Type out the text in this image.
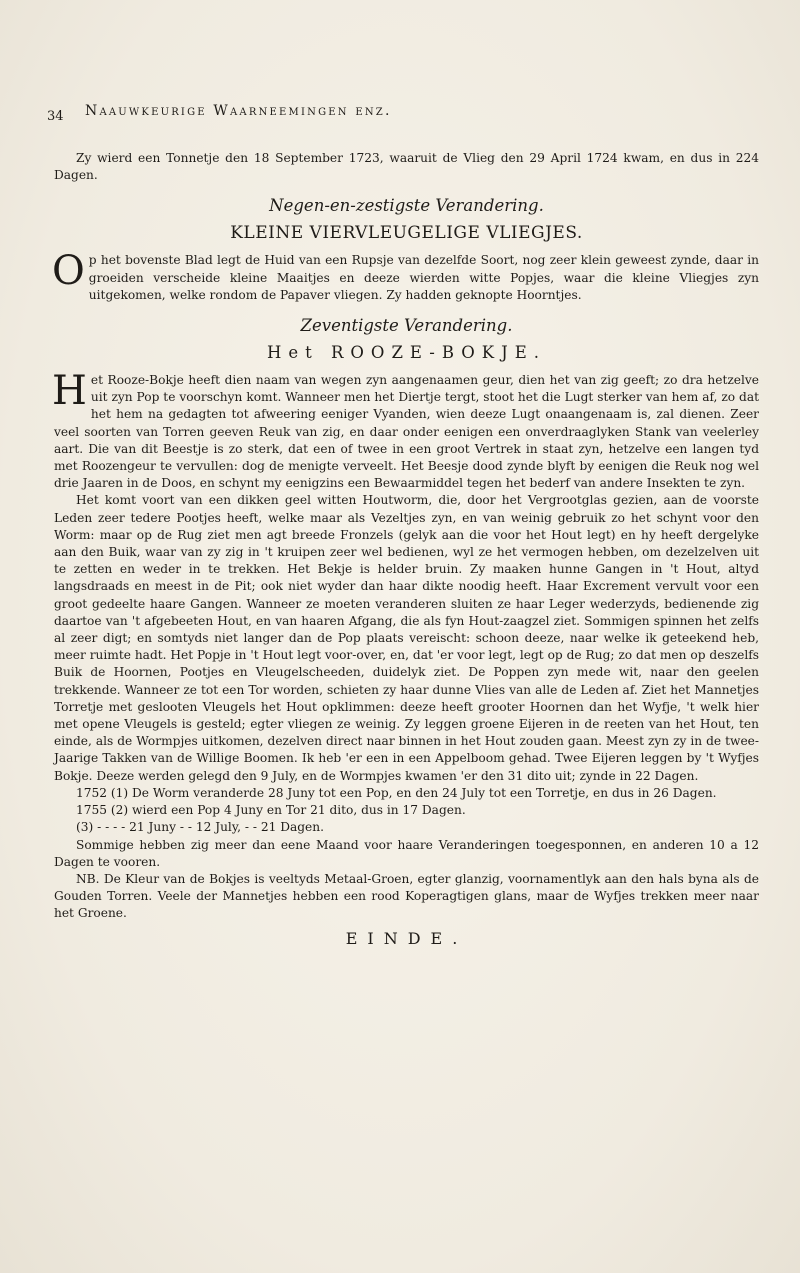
34 Naauwkeurige Waarneemingen enz.

Zy wierd een Tonnetje den 18 September 1723, waaruit de Vlieg den 29 April 1724 kwam, en dus in 224 Dagen.

Negen-en-zestigste Verandering.
KLEINE VIERVLEUGELIGE VLIEGJES.

Op het bovenste Blad legt de Huid van een Rupsje van dezelfde Soort, nog zeer klein geweest zynde, daar in groeiden verscheide kleine Maaitjes en deeze wierden witte Popjes, waar die kleine Vliegjes zyn uitgekomen, welke rondom de Papaver vliegen. Zy hadden geknopte Hoorntjes.

Zeventigste Verandering.
Het ROOZE-BOKJE.

Het Rooze-Bokje heeft dien naam van wegen zyn aangenaamen geur, dien het van zig geeft; zo dra hetzelve uit zyn Pop te voorschyn komt. Wanneer men het Diertje tergt, stoot het die Lugt sterker van hem af, zo dat het hem na gedagten tot afweering eeniger Vyanden, wien deeze Lugt onaangenaam is, zal dienen. Zeer veel soorten van Torren geeven Reuk van zig, en daar onder eenigen een onverdraaglyken Stank van veelerley aart. Die van dit Beestje is zo sterk, dat een of twee in een groot Vertrek in staat zyn, hetzelve een langen tyd met Roozengeur te vervullen: dog de menigte verveelt. Het Beesje dood zynde blyft by eenigen die Reuk nog wel drie Jaaren in de Doos, en schynt my eenigzins een Bewaarmiddel tegen het bederf van andere Insekten te zyn.

Het komt voort van een dikken geel witten Houtworm, die, door het Vergrootglas gezien, aan de voorste Leden zeer tedere Pootjes heeft, welke maar als Vezeltjes zyn, en van weinig gebruik zo het schynt voor den Worm: maar op de Rug ziet men agt breede Fronzels (gelyk aan die voor het Hout legt) en hy heeft dergelyke aan den Buik, waar van zy zig in 't kruipen zeer wel bedienen, wyl ze het vermogen hebben, om dezelzelven uit te zetten en weder in te trekken. Het Bekje is helder bruin. Zy maaken hunne Gangen in 't Hout, altyd langsdraads en meest in de Pit; ook niet wyder dan haar dikte noodig heeft. Haar Excrement vervult voor een groot gedeelte haare Gangen. Wanneer ze moeten veranderen sluiten ze haar Leger wederzyds, bedienende zig daartoe van 't afgebeeten Hout, en van haaren Afgang, die als fyn Hout-zaagzel ziet. Sommigen spinnen het zelfs al zeer digt; en somtyds niet langer dan de Pop plaats vereischt: schoon deeze, naar welke ik geteekend heb, meer ruimte hadt. Het Popje in 't Hout legt voor-over, en, dat 'er voor legt, legt op de Rug; zo dat men op deszelfs Buik de Hoornen, Pootjes en Vleugelscheeden, duidelyk ziet. De Poppen zyn mede wit, naar den geelen trekkende. Wanneer ze tot een Tor worden, schieten zy haar dunne Vlies van alle de Leden af. Ziet het Mannetjes Torretje met geslooten Vleugels het Hout opklimmen: deeze heeft grooter Hoornen dan het Wyfje, 't welk hier met opene Vleugels is gesteld; egter vliegen ze weinig. Zy leggen groene Eijeren in de reeten van het Hout, ten einde, als de Wormpjes uitkomen, dezelven direct naar binnen in het Hout zouden gaan. Meest zyn zy in de twee-Jaarige Takken van de Willige Boomen. Ik heb 'er een in een Appelboom gehad. Twee Eijeren leggen by 't Wyfjes Bokje. Deeze werden gelegd den 9 July, en de Wormpjes kwamen 'er den 31 dito uit; zynde in 22 Dagen.

1752 (1) De Worm veranderde 28 Juny tot een Pop, en den 24 July tot een Torretje, en dus in 26 Dagen.

1755 (2) wierd een Pop 4 Juny en Tor 21 dito, dus in 17 Dagen.

(3) - - - - 21 Juny - - 12 July, - - 21 Dagen.

Sommige hebben zig meer dan eene Maand voor haare Veranderingen toegesponnen, en anderen 10 a 12 Dagen te vooren.

NB. De Kleur van de Bokjes is veeltyds Metaal-Groen, egter glanzig, voornamentlyk aan den hals byna als de Gouden Torren. Veele der Mannetjes hebben een rood Koperagtigen glans, maar de Wyfjes trekken meer naar het Groene.

EINDE.
